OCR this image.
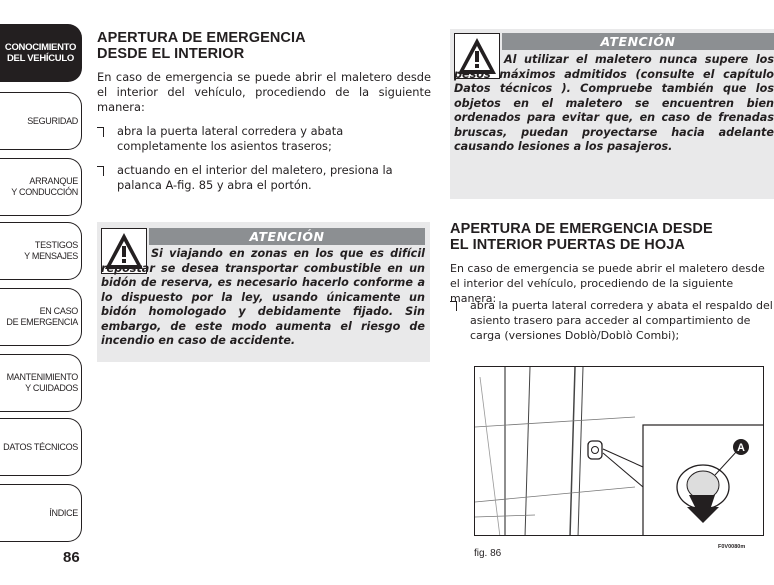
CONOCIMIENTO
DEL VEHÍCULO
SEGURIDAD
ARRANQUE
Y CONDUCCIÓN
TESTIGOS
Y MENSAJES
EN CASO
DE EMERGENCIA
MANTENIMIENTO
Y CUIDADOS
DATOS TÉCNICOS
ÍNDICE
86
APERTURA DE EMERGENCIA
DESDE EL INTERIOR
En caso de emergencia se puede abrir el maletero desde el interior del vehículo, procediendo de la siguiente manera:
abra la puerta lateral corredera y abata completamente los asientos traseros;
actuando en el interior del maletero, presiona la palanca A-fig. 85 y abra el portón.
ATENCIÓN
Si viajando en zonas en los que es difícil repostar se desea transportar combustible en un bidón de reserva, es necesario hacerlo conforme a lo dispuesto por la ley, usando únicamente un bidón homologado y debidamente fijado. Sin embargo, de este modo aumenta el riesgo de incendio en caso de accidente.
ATENCIÓN
Al utilizar el maletero nunca supere los pesos máximos admitidos (consulte el capítulo Datos técnicos ). Compruebe también que los objetos en el maletero se encuentren bien ordenados para evitar que, en caso de frenadas bruscas, puedan proyectarse hacia adelante causando lesiones a los pasajeros.
APERTURA DE EMERGENCIA DESDE
EL INTERIOR PUERTAS DE HOJA
En caso de emergencia se puede abrir el maletero desde el interior del vehículo, procediendo de la siguiente manera:
abra la puerta lateral corredera y abata el respaldo del asiento trasero para acceder al compartimiento de carga (versiones Doblò/Doblò Combi);
A
fig. 86
F0V0080m
